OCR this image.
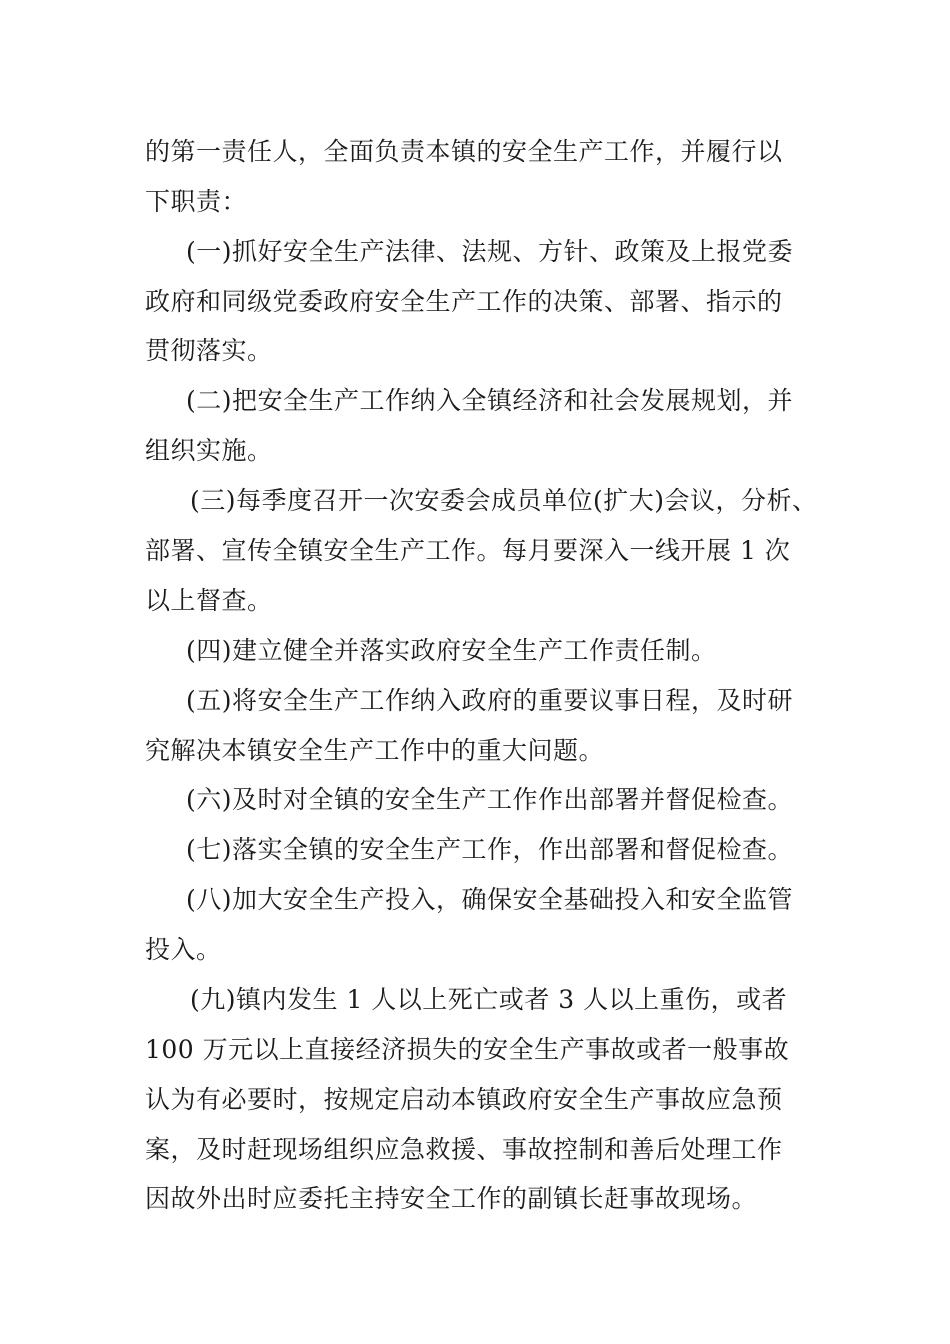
的第一责任人，全面负责本镇的安全生产工作，并履行以
下职责：
(一)抓好安全生产法律、法规、方针、政策及上报党委
政府和同级党委政府安全生产工作的决策、部署、指示的
贯彻落实。
(二)把安全生产工作纳入全镇经济和社会发展规划，并
组织实施。
(三)每季度召开一次安委会成员单位(扩大)会议，分析、
部署、宣传全镇安全生产工作。每月要深入一线开展 1 次
以上督查。
(四)建立健全并落实政府安全生产工作责任制。
(五)将安全生产工作纳入政府的重要议事日程，及时研
究解决本镇安全生产工作中的重大问题。
(六)及时对全镇的安全生产工作作出部署并督促检查。
(七)落实全镇的安全生产工作，作出部署和督促检查。
(八)加大安全生产投入，确保安全基础投入和安全监管
投入。
(九)镇内发生 1 人以上死亡或者 3 人以上重伤，或者
100 万元以上直接经济损失的安全生产事故或者一般事故
认为有必要时，按规定启动本镇政府安全生产事故应急预
案，及时赶现场组织应急救援、事故控制和善后处理工作
因故外出时应委托主持安全工作的副镇长赶事故现场。
